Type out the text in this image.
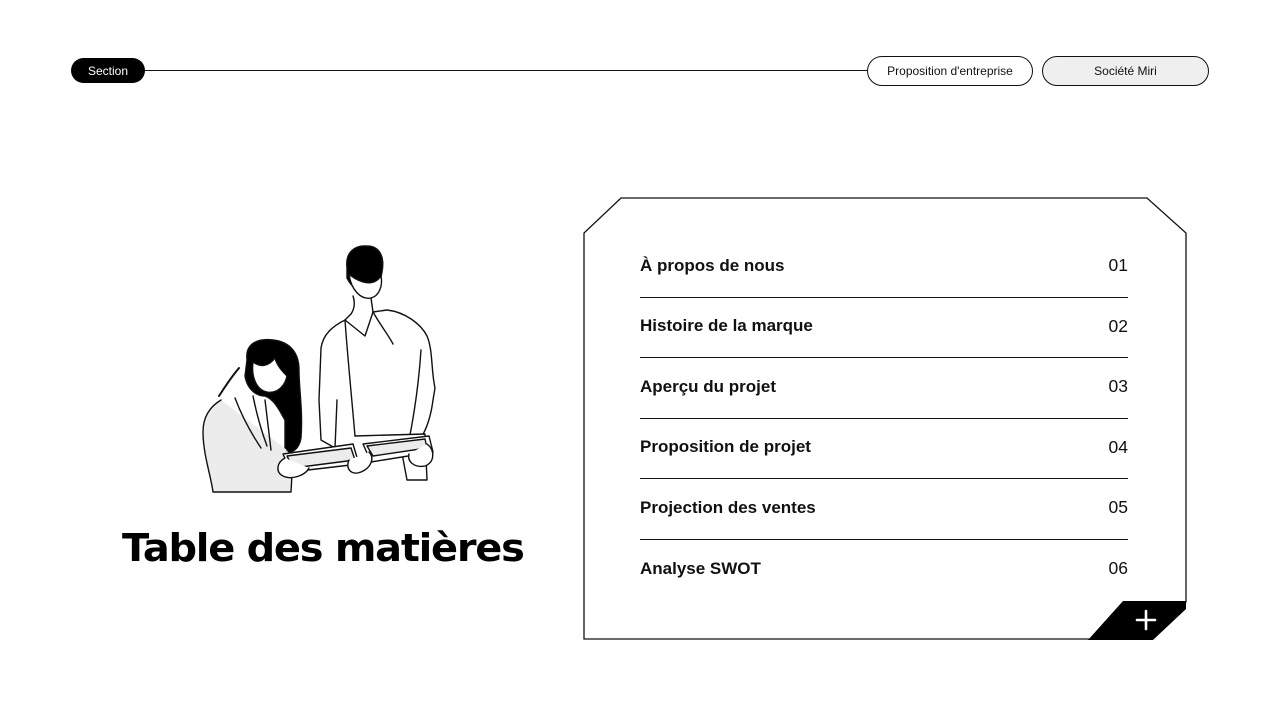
Section	Proposition d'entreprise	Société Miri
Table des matières
À propos de nous	01
Histoire de la marque	02
Aperçu du projet	03
Proposition de projet	04
Projection des ventes	05
Analyse SWOT	06
